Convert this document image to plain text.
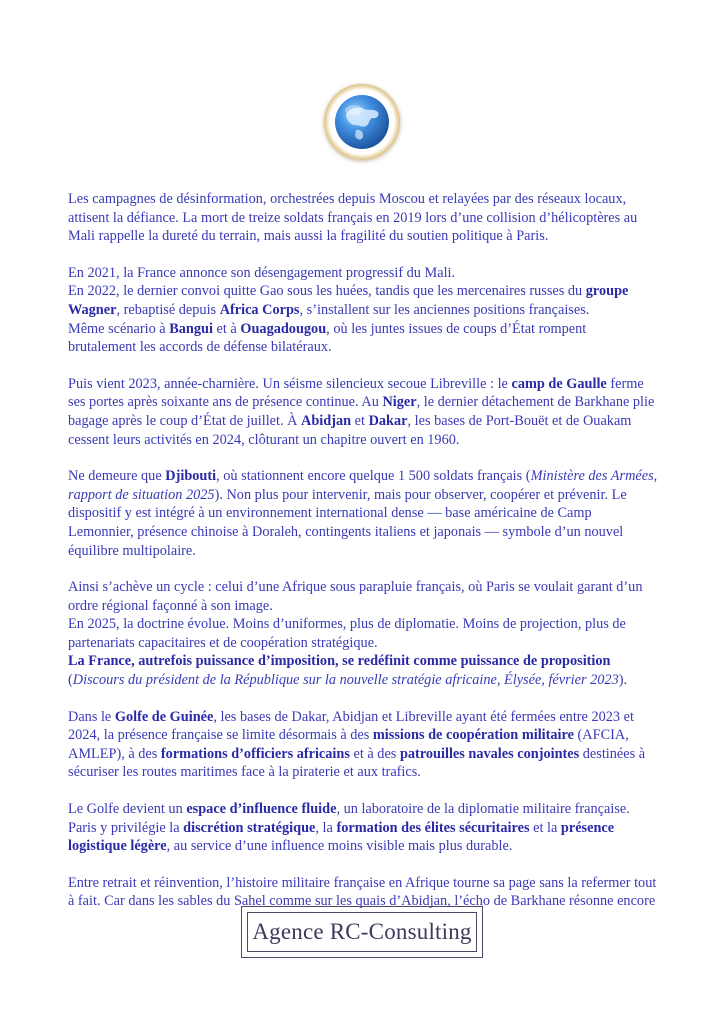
Les campagnes de désinformation, orchestrées depuis Moscou et relayées par des réseaux locaux, attisent la défiance. La mort de treize soldats français en 2019 lors d’une collision d’hélicoptères au Mali rappelle la dureté du terrain, mais aussi la fragilité du soutien politique à Paris.
En 2021, la France annonce son désengagement progressif du Mali.
En 2022, le dernier convoi quitte Gao sous les huées, tandis que les mercenaires russes du groupe Wagner, rebaptisé depuis Africa Corps, s’installent sur les anciennes positions françaises.
Même scénario à Bangui et à Ouagadougou, où les juntes issues de coups d’État rompent brutalement les accords de défense bilatéraux.
Puis vient 2023, année-charnière. Un séisme silencieux secoue Libreville : le camp de Gaulle ferme ses portes après soixante ans de présence continue. Au Niger, le dernier détachement de Barkhane plie bagage après le coup d’État de juillet. À Abidjan et Dakar, les bases de Port-Bouët et de Ouakam cessent leurs activités en 2024, clôturant un chapitre ouvert en 1960.
Ne demeure que Djibouti, où stationnent encore quelque 1 500 soldats français (Ministère des Armées, rapport de situation 2025). Non plus pour intervenir, mais pour observer, coopérer et prévenir. Le dispositif y est intégré à un environnement international dense — base américaine de Camp Lemonnier, présence chinoise à Doraleh, contingents italiens et japonais — symbole d’un nouvel équilibre multipolaire.
Ainsi s’achève un cycle : celui d’une Afrique sous parapluie français, où Paris se voulait garant d’un ordre régional façonné à son image.
En 2025, la doctrine évolue. Moins d’uniformes, plus de diplomatie. Moins de projection, plus de partenariats capacitaires et de coopération stratégique.
La France, autrefois puissance d’imposition, se redéfinit comme puissance de proposition
(Discours du président de la République sur la nouvelle stratégie africaine, Élysée, février 2023).
Dans le Golfe de Guinée, les bases de Dakar, Abidjan et Libreville ayant été fermées entre 2023 et 2024, la présence française se limite désormais à des missions de coopération militaire (AFCIA, AMLEP), à des formations d’officiers africains et à des patrouilles navales conjointes destinées à sécuriser les routes maritimes face à la piraterie et aux trafics.
Le Golfe devient un espace d’influence fluide, un laboratoire de la diplomatie militaire française. Paris y privilégie la discrétion stratégique, la formation des élites sécuritaires et la présence logistique légère, au service d’une influence moins visible mais plus durable.
Entre retrait et réinvention, l’histoire militaire française en Afrique tourne sa page sans la refermer tout à fait. Car dans les sables du Sahel comme sur les quais d’Abidjan, l’écho de Barkhane résonne encore
Agence RC-Consulting
